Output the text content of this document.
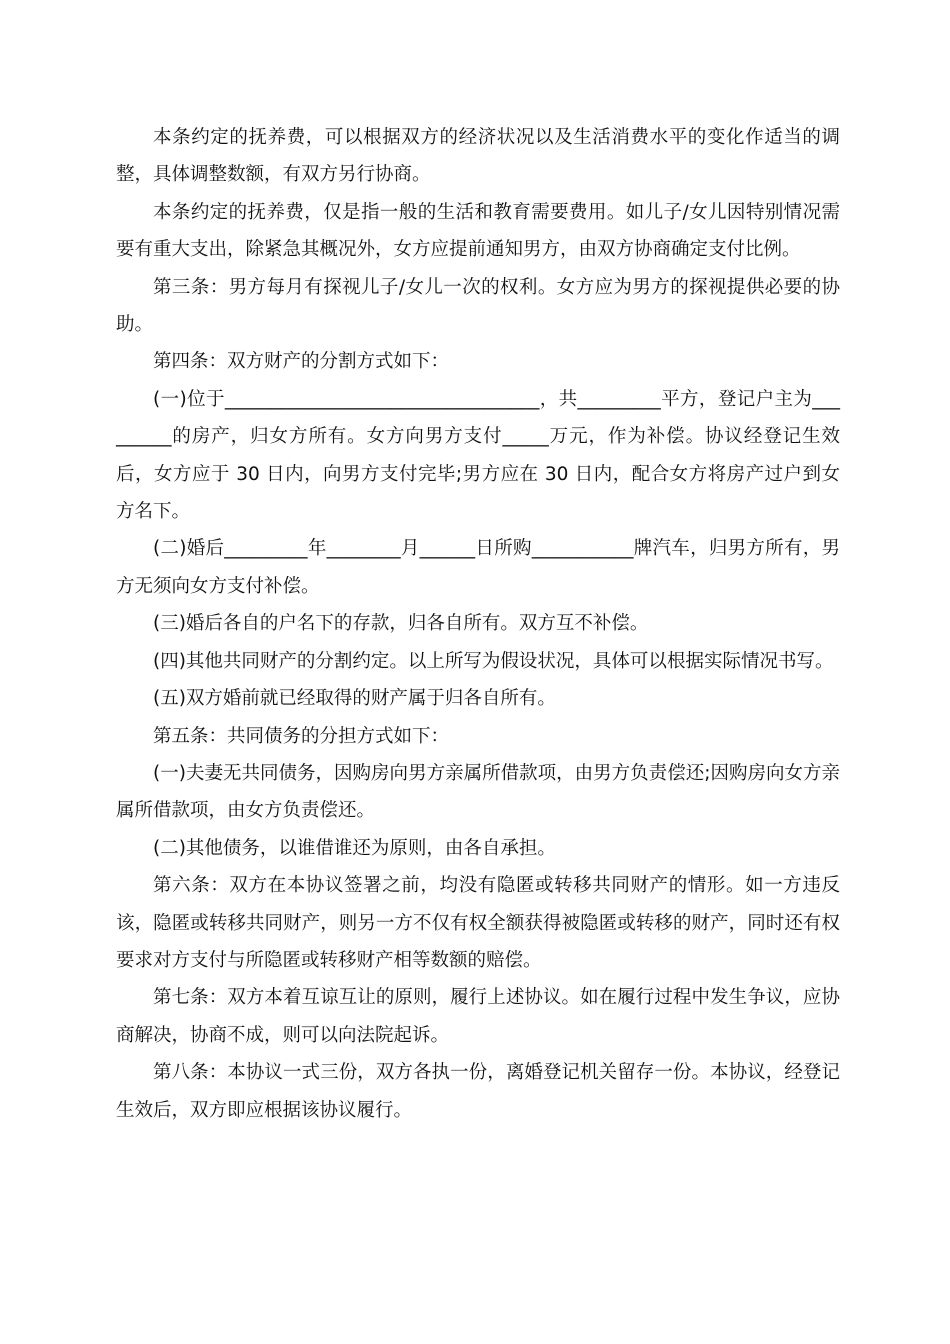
本条约定的抚养费，可以根据双方的经济状况以及生活消费水平的变化作适当的调整，具体调整数额，有双方另行协商。

本条约定的抚养费，仅是指一般的生活和教育需要费用。如儿子/女儿因特别情况需要有重大支出，除紧急其概况外，女方应提前通知男方，由双方协商确定支付比例。

第三条：男方每月有探视儿子/女儿一次的权利。女方应为男方的探视提供必要的协助。

第四条：双方财产的分割方式如下：

(一)位于__________________________________，共_________平方，登记户主为_________的房产，归女方所有。女方向男方支付_____万元，作为补偿。协议经登记生效后，女方应于 30 日内，向男方支付完毕;男方应在 30 日内，配合女方将房产过户到女方名下。

(二)婚后_________年________月______日所购___________牌汽车，归男方所有，男方无须向女方支付补偿。

(三)婚后各自的户名下的存款，归各自所有。双方互不补偿。

(四)其他共同财产的分割约定。以上所写为假设状况，具体可以根据实际情况书写。

(五)双方婚前就已经取得的财产属于归各自所有。

第五条：共同债务的分担方式如下：

(一)夫妻无共同债务，因购房向男方亲属所借款项，由男方负责偿还;因购房向女方亲属所借款项，由女方负责偿还。

(二)其他债务，以谁借谁还为原则，由各自承担。

第六条：双方在本协议签署之前，均没有隐匿或转移共同财产的情形。如一方违反该，隐匿或转移共同财产，则另一方不仅有权全额获得被隐匿或转移的财产，同时还有权要求对方支付与所隐匿或转移财产相等数额的赔偿。

第七条：双方本着互谅互让的原则，履行上述协议。如在履行过程中发生争议，应协商解决，协商不成，则可以向法院起诉。

第八条：本协议一式三份，双方各执一份，离婚登记机关留存一份。本协议，经登记生效后，双方即应根据该协议履行。
